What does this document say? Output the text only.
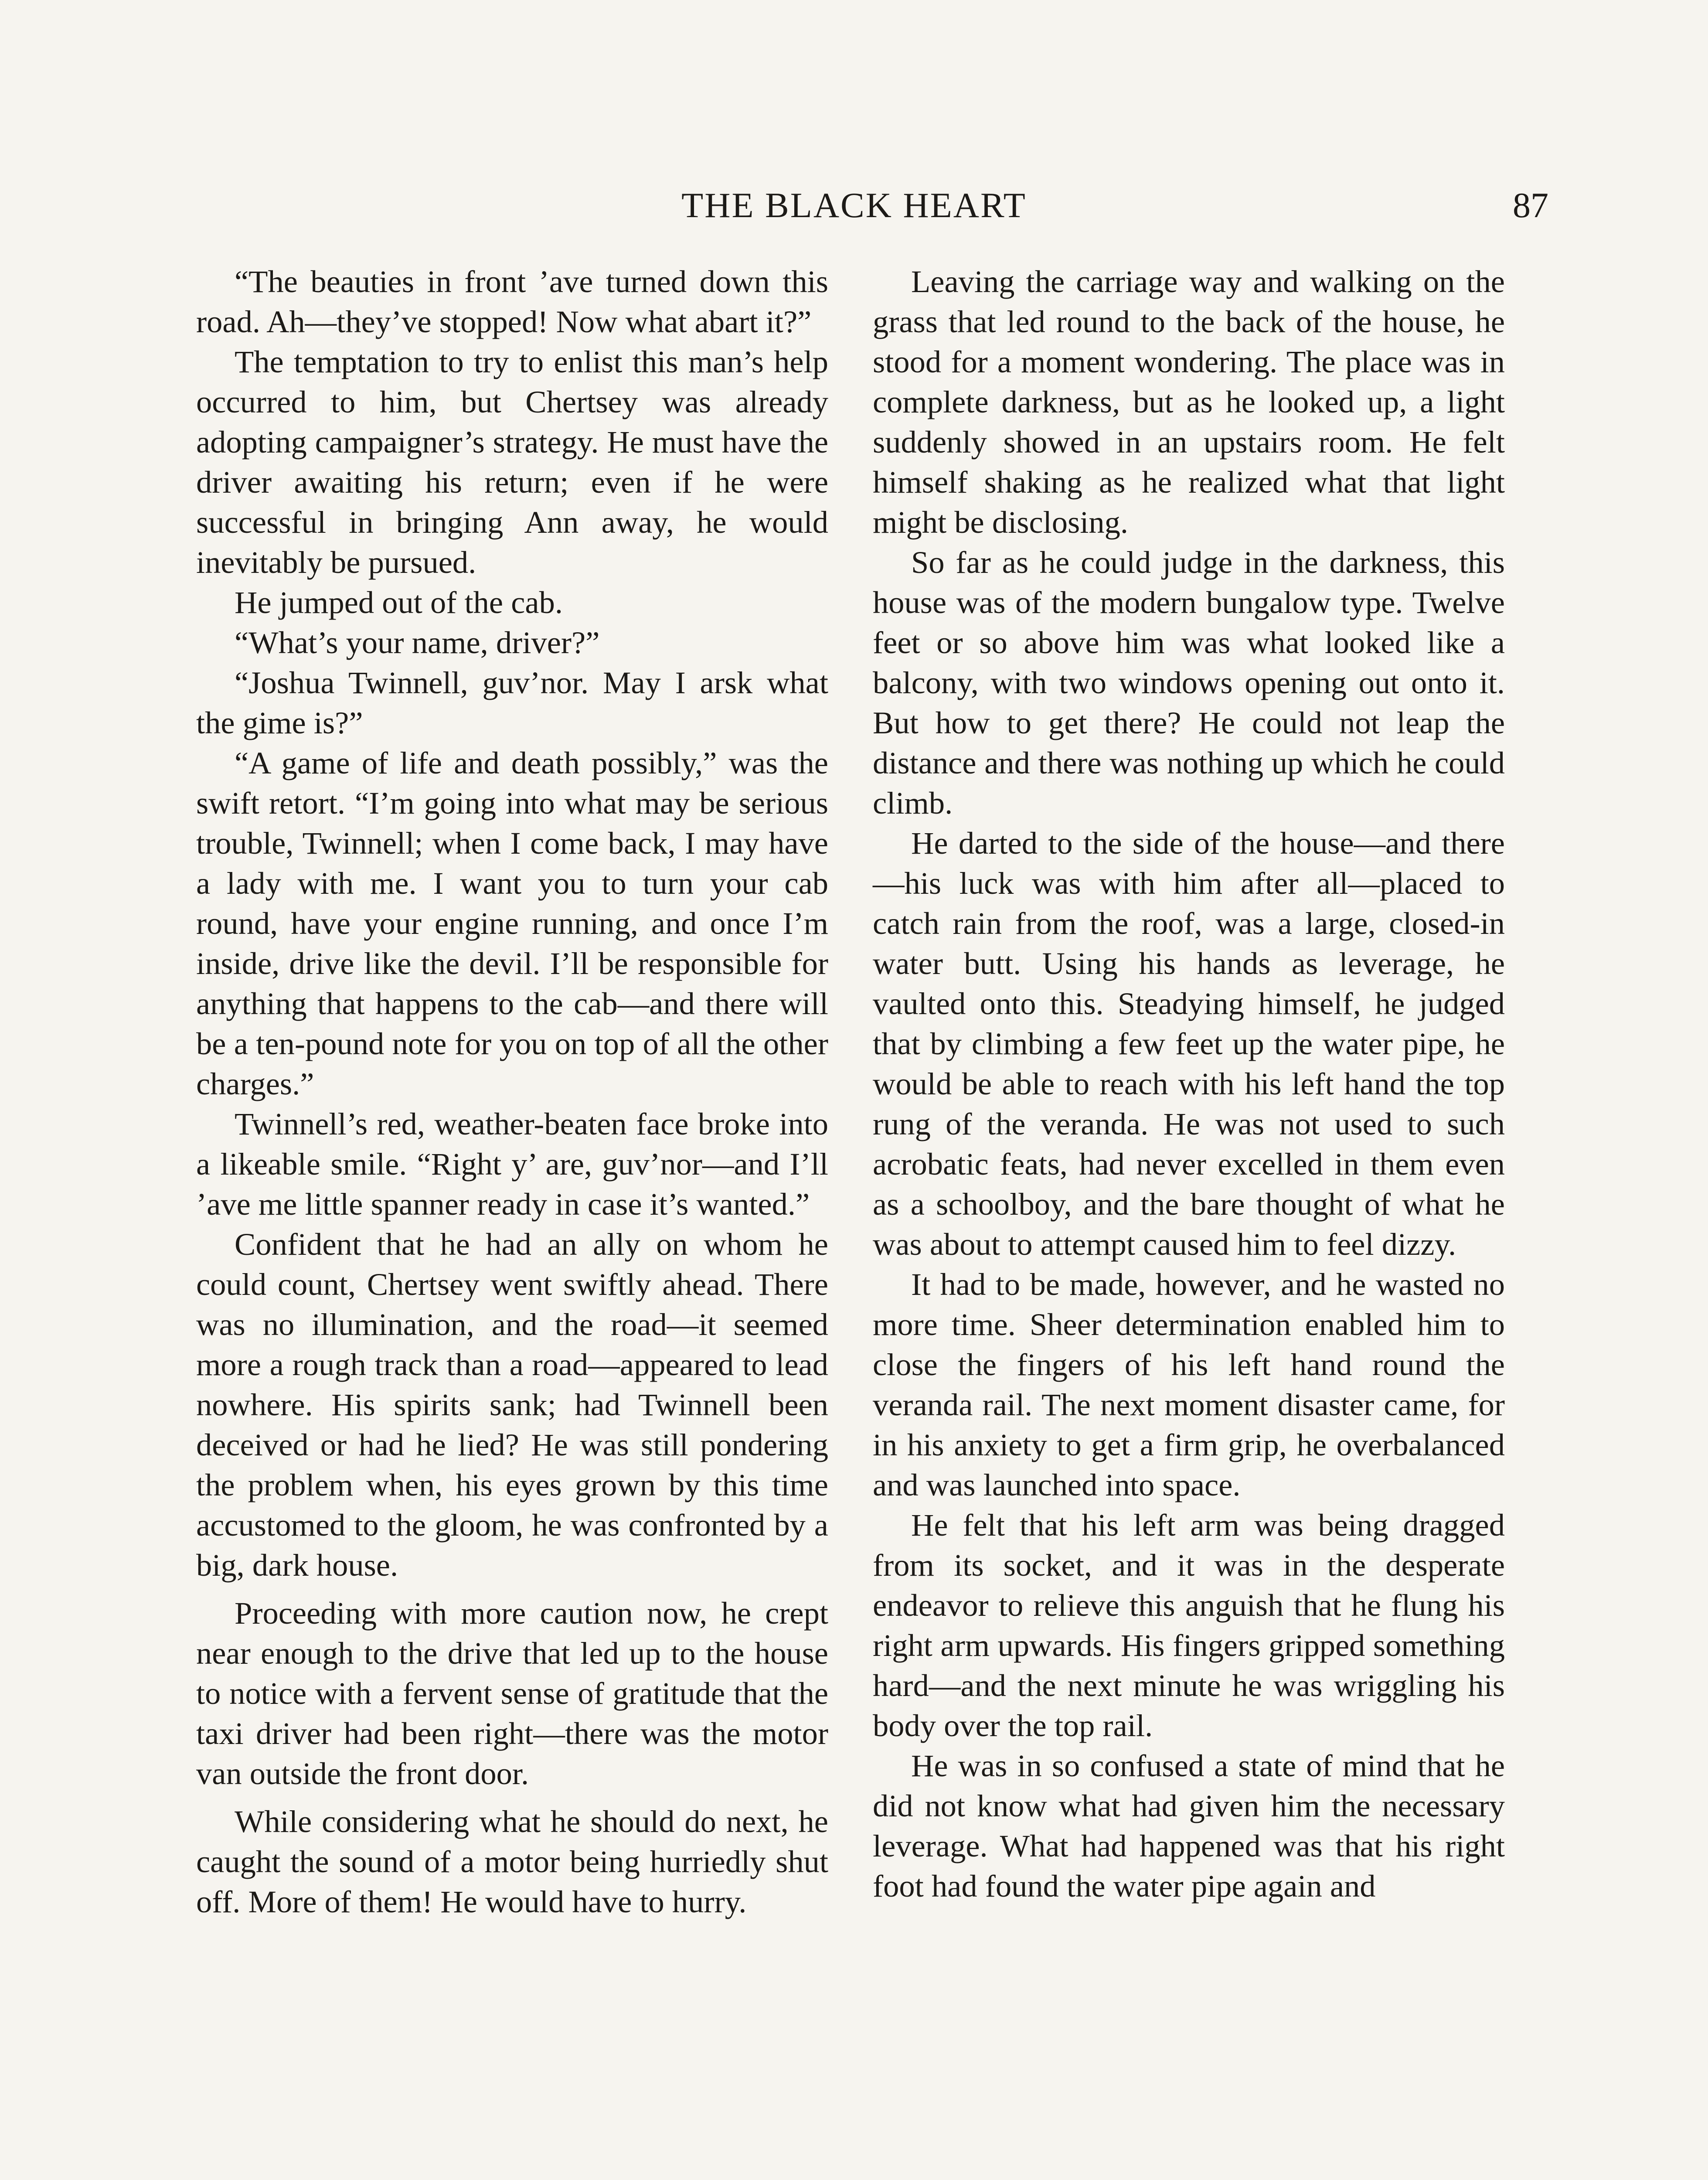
THE BLACK HEART	87

“The beauties in front ’ave turned down this road. Ah—they’ve stopped! Now what abart it?”

The temptation to try to enlist this man’s help occurred to him, but Chertsey was already adopting campaigner’s strategy. He must have the driver awaiting his return; even if he were successful in bringing Ann away, he would inevitably be pursued.

He jumped out of the cab.

“What’s your name, driver?”

“Joshua Twinnell, guv’nor. May I arsk what the gime is?”

“A game of life and death possibly,” was the swift retort. “I’m going into what may be serious trouble, Twinnell; when I come back, I may have a lady with me. I want you to turn your cab round, have your engine running, and once I’m inside, drive like the devil. I’ll be responsible for anything that happens to the cab—and there will be a ten-pound note for you on top of all the other charges.”

Twinnell’s red, weather-beaten face broke into a likeable smile. “Right y’ are, guv’nor—and I’ll ’ave me little spanner ready in case it’s wanted.”

Confident that he had an ally on whom he could count, Chertsey went swiftly ahead. There was no illumination, and the road—it seemed more a rough track than a road—appeared to lead nowhere. His spirits sank; had Twinnell been deceived or had he lied? He was still pondering the problem when, his eyes grown by this time accustomed to the gloom, he was confronted by a big, dark house.

Proceeding with more caution now, he crept near enough to the drive that led up to the house to notice with a fervent sense of gratitude that the taxi driver had been right—there was the motor van outside the front door.

While considering what he should do next, he caught the sound of a motor being hurriedly shut off. More of them! He would have to hurry.

Leaving the carriage way and walking on the grass that led round to the back of the house, he stood for a moment wondering. The place was in complete darkness, but as he looked up, a light suddenly showed in an upstairs room. He felt himself shaking as he realized what that light might be disclosing.

So far as he could judge in the darkness, this house was of the modern bungalow type. Twelve feet or so above him was what looked like a balcony, with two windows opening out onto it. But how to get there? He could not leap the distance and there was nothing up which he could climb.

He darted to the side of the house—and there—his luck was with him after all—placed to catch rain from the roof, was a large, closed-in water butt. Using his hands as leverage, he vaulted onto this. Steadying himself, he judged that by climbing a few feet up the water pipe, he would be able to reach with his left hand the top rung of the veranda. He was not used to such acrobatic feats, had never excelled in them even as a schoolboy, and the bare thought of what he was about to attempt caused him to feel dizzy.

It had to be made, however, and he wasted no more time. Sheer determination enabled him to close the fingers of his left hand round the veranda rail. The next moment disaster came, for in his anxiety to get a firm grip, he overbalanced and was launched into space.

He felt that his left arm was being dragged from its socket, and it was in the desperate endeavor to relieve this anguish that he flung his right arm upwards. His fingers gripped something hard—and the next minute he was wriggling his body over the top rail.

He was in so confused a state of mind that he did not know what had given him the necessary leverage. What had happened was that his right foot had found the water pipe again and
